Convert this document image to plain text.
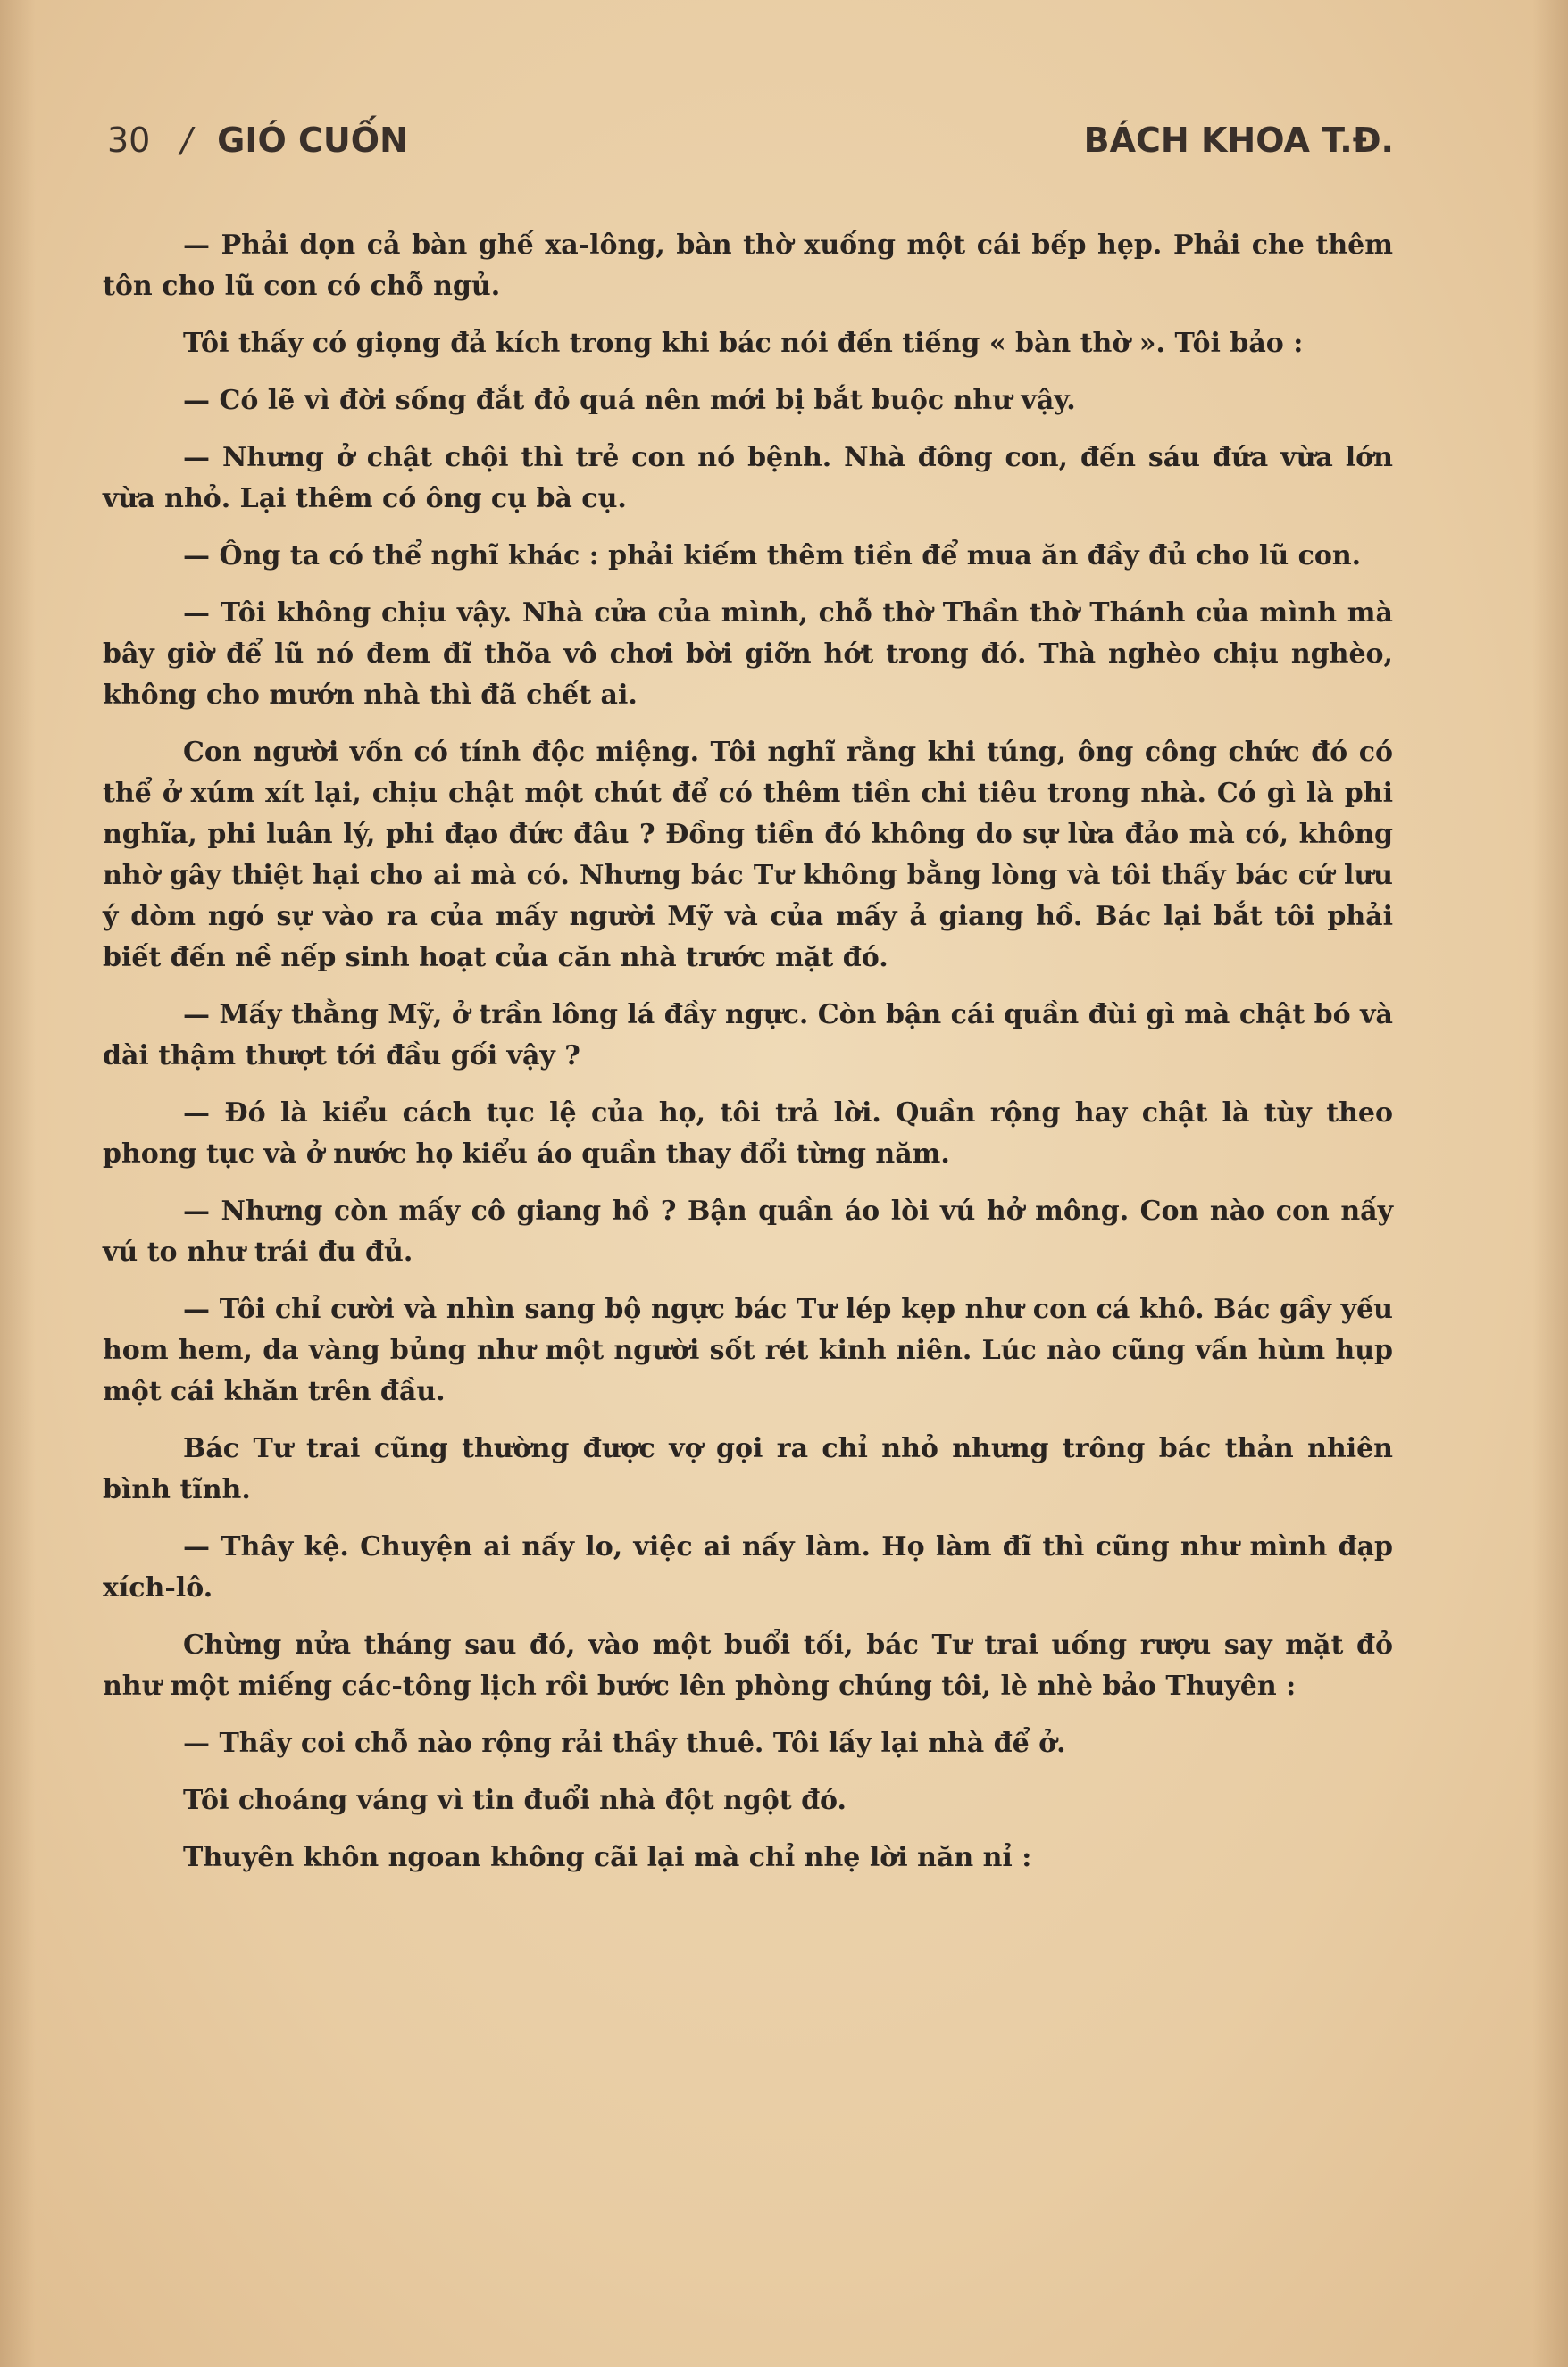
30 / GIÓ CUỐN	BÁCH KHOA T.Đ.

— Phải dọn cả bàn ghế xa-lông, bàn thờ xuống một cái bếp hẹp. Phải che thêm tôn cho lũ con có chỗ ngủ.

Tôi thấy có giọng đả kích trong khi bác nói đến tiếng « bàn thờ ». Tôi bảo :

— Có lẽ vì đời sống đắt đỏ quá nên mới bị bắt buộc như vậy.

— Nhưng ở chật chội thì trẻ con nó bệnh. Nhà đông con, đến sáu đứa vừa lớn vừa nhỏ. Lại thêm có ông cụ bà cụ.

— Ông ta có thể nghĩ khác : phải kiếm thêm tiền để mua ăn đầy đủ cho lũ con.

— Tôi không chịu vậy. Nhà cửa của mình, chỗ thờ Thần thờ Thánh của mình mà bây giờ để lũ nó đem đĩ thõa vô chơi bời giỡn hớt trong đó. Thà nghèo chịu nghèo, không cho mướn nhà thì đã chết ai.

Con người vốn có tính độc miệng. Tôi nghĩ rằng khi túng, ông công chức đó có thể ở xúm xít lại, chịu chật một chút để có thêm tiền chi tiêu trong nhà. Có gì là phi nghĩa, phi luân lý, phi đạo đức đâu ? Đồng tiền đó không do sự lừa đảo mà có, không nhờ gây thiệt hại cho ai mà có. Nhưng bác Tư không bằng lòng và tôi thấy bác cứ lưu ý dòm ngó sự vào ra của mấy người Mỹ và của mấy ả giang hồ. Bác lại bắt tôi phải biết đến nề nếp sinh hoạt của căn nhà trước mặt đó.

— Mấy thằng Mỹ, ở trần lông lá đầy ngực. Còn bận cái quần đùi gì mà chật bó và dài thậm thượt tới đầu gối vậy ?

— Đó là kiểu cách tục lệ của họ, tôi trả lời. Quần rộng hay chật là tùy theo phong tục và ở nước họ kiểu áo quần thay đổi từng năm.

— Nhưng còn mấy cô giang hồ ? Bận quần áo lòi vú hở mông. Con nào con nấy vú to như trái đu đủ.

— Tôi chỉ cười và nhìn sang bộ ngực bác Tư lép kẹp như con cá khô. Bác gầy yếu hom hem, da vàng bủng như một người sốt rét kinh niên. Lúc nào cũng vấn hùm hụp một cái khăn trên đầu.

Bác Tư trai cũng thường được vợ gọi ra chỉ nhỏ nhưng trông bác thản nhiên bình tĩnh.

— Thây kệ. Chuyện ai nấy lo, việc ai nấy làm. Họ làm đĩ thì cũng như mình đạp xích-lô.

Chừng nửa tháng sau đó, vào một buổi tối, bác Tư trai uống rượu say mặt đỏ như một miếng các-tông lịch rồi bước lên phòng chúng tôi, lè nhè bảo Thuyên :

— Thầy coi chỗ nào rộng rải thầy thuê. Tôi lấy lại nhà để ở.

Tôi choáng váng vì tin đuổi nhà đột ngột đó.

Thuyên khôn ngoan không cãi lại mà chỉ nhẹ lời năn nỉ :
